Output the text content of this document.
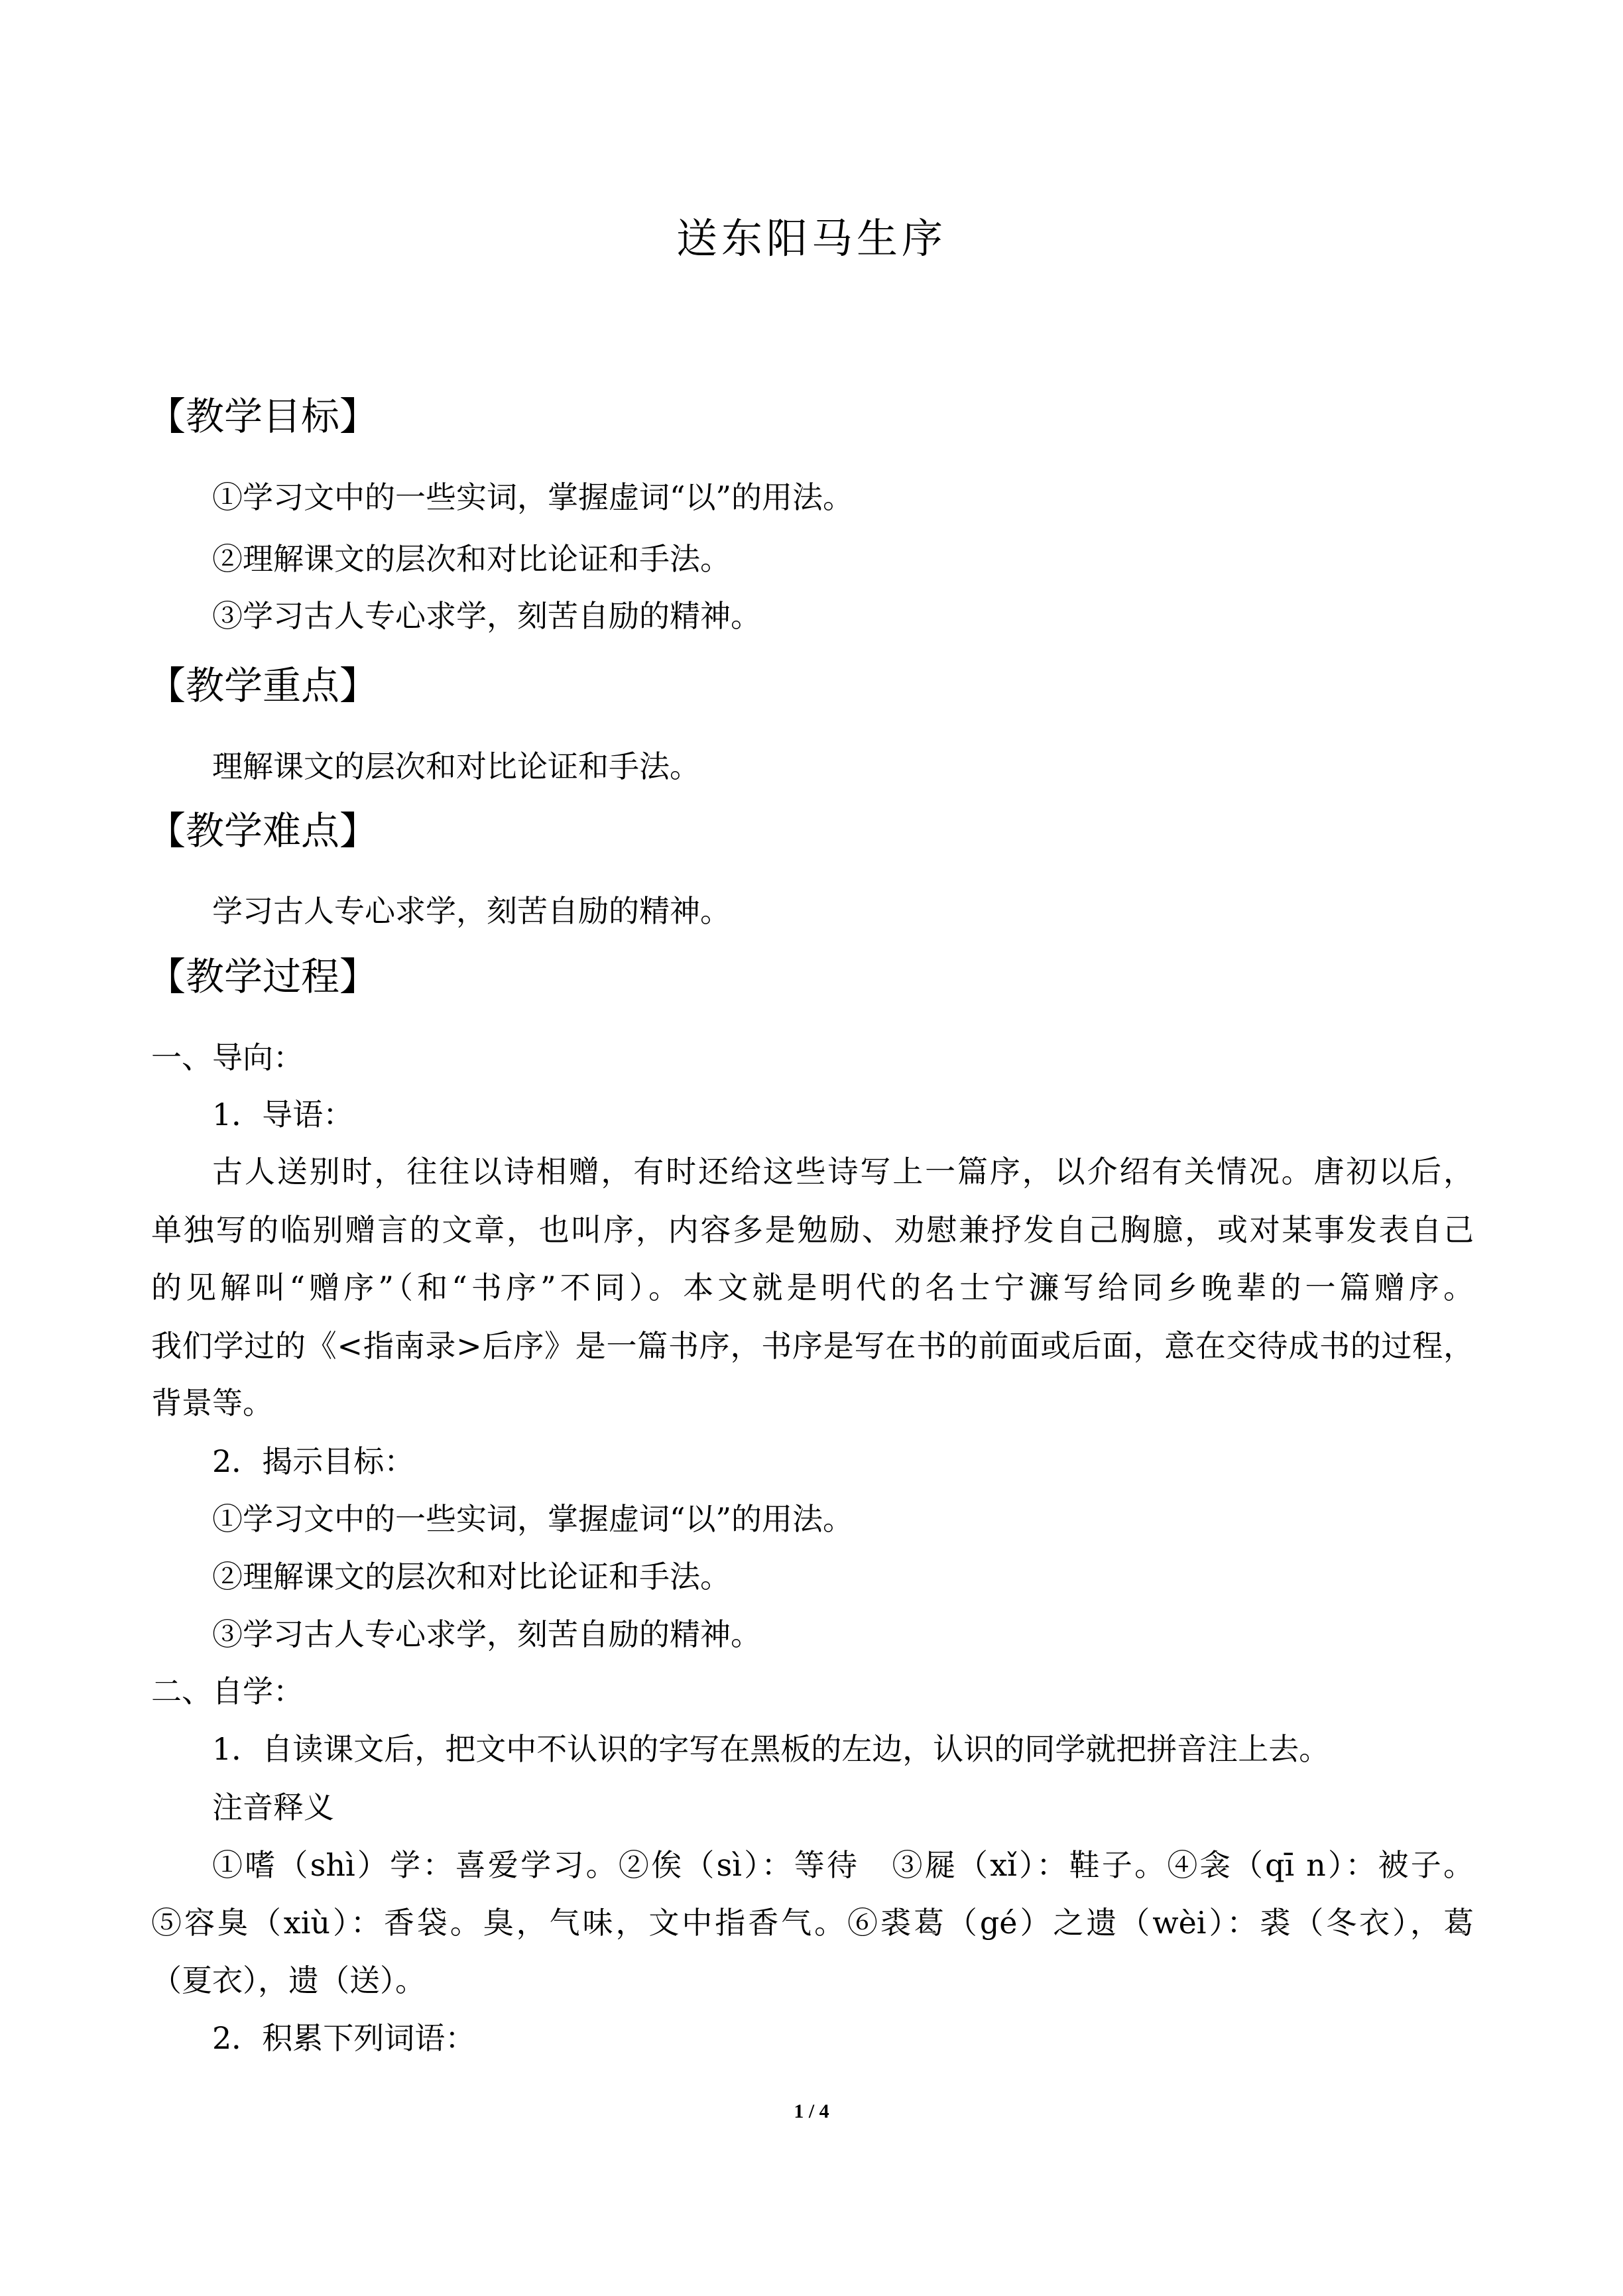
送东阳马生序
【教学目标】
①学习文中的一些实词，掌握虚词“以”的用法。
②理解课文的层次和对比论证和手法。
③学习古人专心求学，刻苦自励的精神。
【教学重点】
理解课文的层次和对比论证和手法。
【教学难点】
学习古人专心求学，刻苦自励的精神。
【教学过程】
一、导向：
1．导语：
古人送别时，往往以诗相赠，有时还给这些诗写上一篇序，以介绍有关情况。唐初以后，
单独写的临别赠言的文章，也叫序，内容多是勉励、劝慰兼抒发自己胸臆，或对某事发表自己
的见解叫“赠序”（和“书序”不同）。本文就是明代的名士宁濂写给同乡晚辈的一篇赠序。
我们学过的《<指南录>后序》是一篇书序，书序是写在书的前面或后面，意在交待成书的过程，
背景等。
2．揭示目标：
①学习文中的一些实词，掌握虚词“以”的用法。
②理解课文的层次和对比论证和手法。
③学习古人专心求学，刻苦自励的精神。
二、自学：
1．自读课文后，把文中不认识的字写在黑板的左边，认识的同学就把拼音注上去。
注音释义
①嗜（shì）学：喜爱学习。②俟（sì）：等待　③屣（xǐ）：鞋子。④衾（qī n）：被子。
⑤容臭（xiù）：香袋。臭，气味，文中指香气。⑥裘葛（gé）之遗（wèi）：裘（冬衣），葛
（夏衣），遗（送）。
2．积累下列词语：
1 / 4
